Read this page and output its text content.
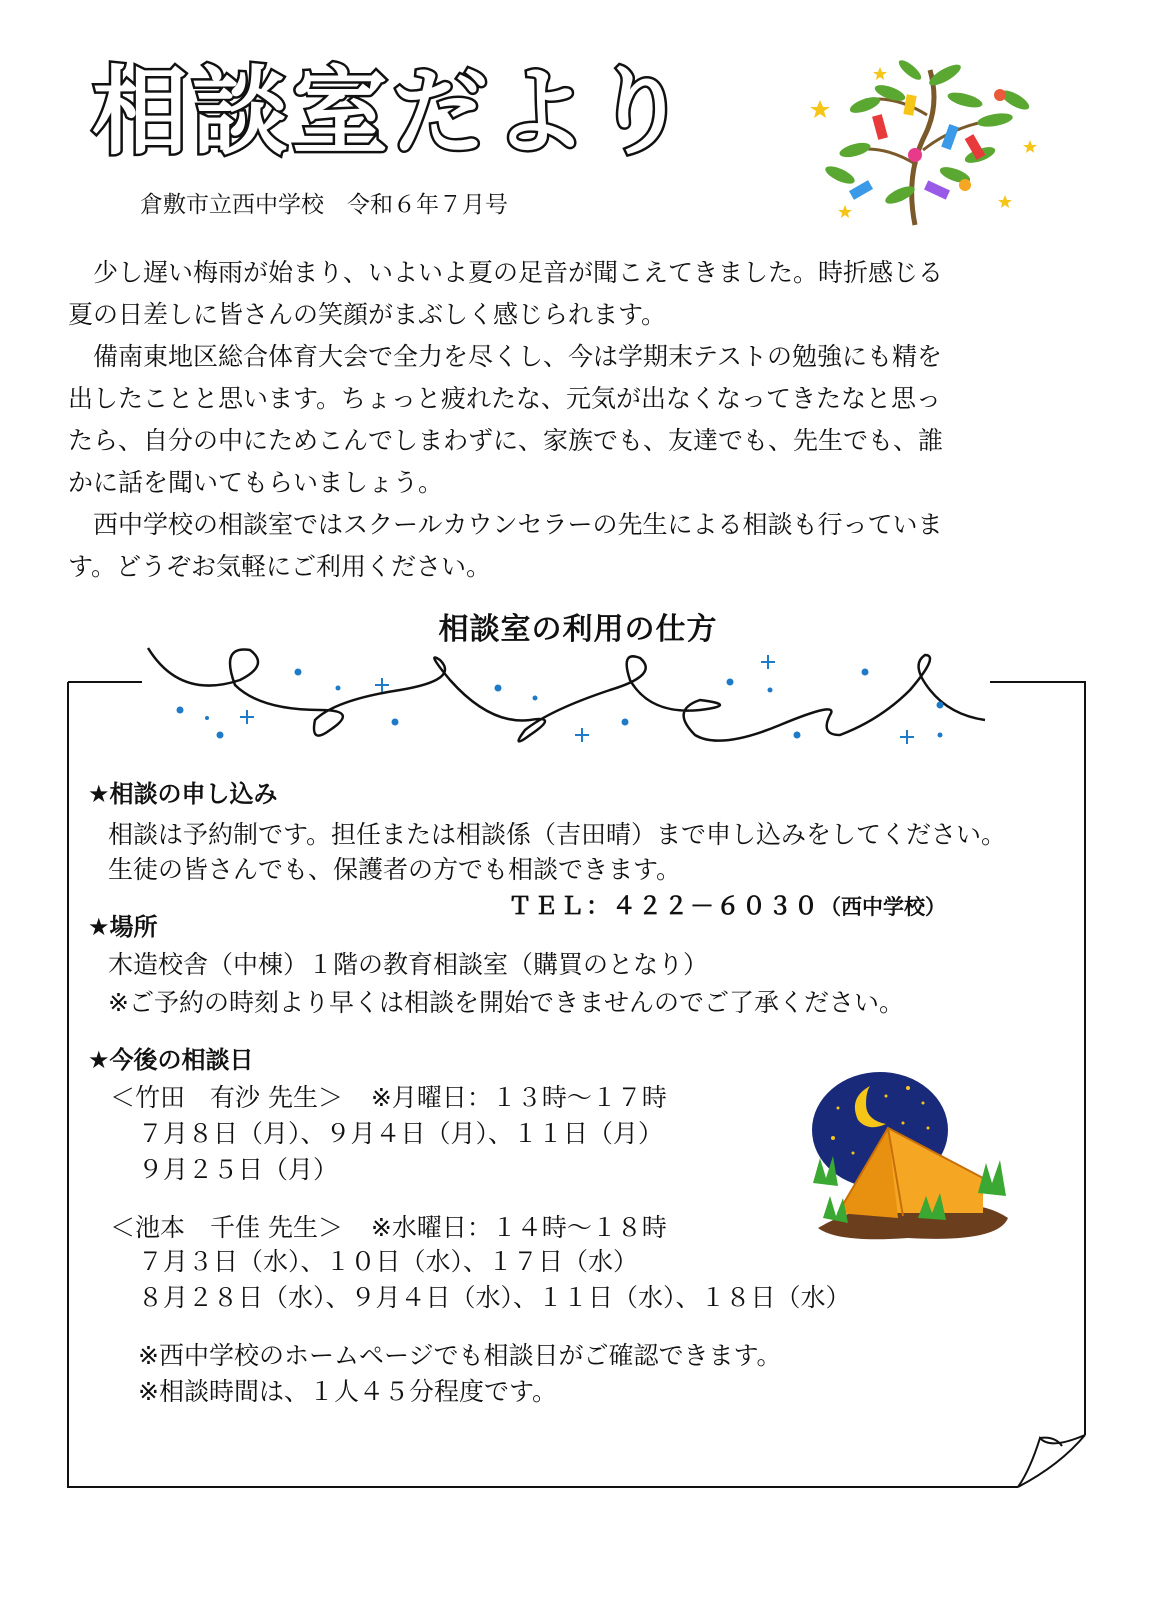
相談室だより
倉敷市立西中学校　令和６年７月号
　少し遅い梅雨が始まり、いよいよ夏の足音が聞こえてきました。時折感じる
夏の日差しに皆さんの笑顔がまぶしく感じられます。
　備南東地区総合体育大会で全力を尽くし、今は学期末テストの勉強にも精を
出したことと思います。ちょっと疲れたな、元気が出なくなってきたなと思っ
たら、自分の中にためこんでしまわずに、家族でも、友達でも、先生でも、誰
かに話を聞いてもらいましょう。
　西中学校の相談室ではスクールカウンセラーの先生による相談も行っていま
す。どうぞお気軽にご利用ください。
相談室の利用の仕方
★相談の申し込み
相談は予約制です。担任または相談係（吉田晴）まで申し込みをしてください。
生徒の皆さんでも、保護者の方でも相談できます。
ＴＥＬ：４２２－６０３０（西中学校）
★場所
木造校舎（中棟）１階の教育相談室（購買のとなり）
※ご予約の時刻より早くは相談を開始できませんのでご了承ください。
★今後の相談日
＜竹田　有沙 先生＞ ※月曜日：１３時～１７時
７月８日（月）、９月４日（月）、１１日（月）
９月２５日（月）
＜池本　千佳 先生＞ ※水曜日：１４時～１８時
７月３日（水）、１０日（水）、１７日（水）
８月２８日（水）、９月４日（水）、１１日（水）、１８日（水）
※西中学校のホームページでも相談日がご確認できます。
※相談時間は、１人４５分程度です。
